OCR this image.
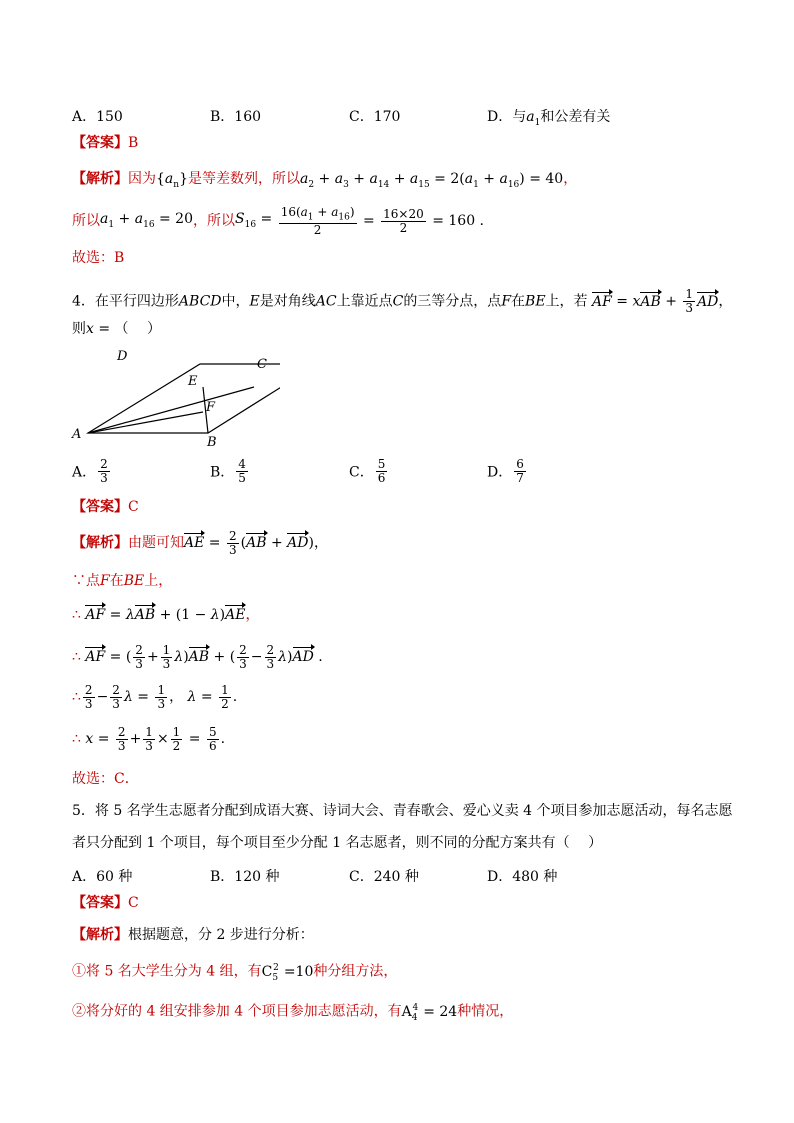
A．150	B．160	C．170	D．与$a_1$和公差有关
【答案】B
【解析】因为$\{a_n\}$是等差数列，所以$a_2 + a_3 + a_{14} + a_{15} = 2(a_1 + a_{16}) = 40$，
所以$a_1 + a_{16} = 20$，所以$S_{16} = \frac{16(a_1 + a_{16})}{2} = \frac{16\times 20}{2} = 160$ .
故选：B
4．在平行四边形ABCD中，E是对角线AC上靠近点C的三等分点，点F在BE上，若 AF = xAB + $\frac{1}{3}$ AD，
则x = （　 ）
D
C
E
F
A
B
A． $\frac{2}{3}$	B． $\frac{4}{5}$	C． $\frac{5}{6}$	D． $\frac{6}{7}$
【答案】C
【解析】由题可知AE = $\frac{2}{3} (AB + AD)$，
∵点F在BE上，
∴ AF = λAB + (1 − λ)AE，
∴ AF = ( $\frac{2}{3} + \frac{1}{3} \lambda)AB$ + ( $\frac{2}{3} - \frac{2}{3} \lambda)AD$ .
∴ $\frac{2}{3} - \frac{2}{3}$ $\lambda = \frac{1}{3}$ ， $\lambda = \frac{1}{2}$ .
∴ $x = \frac{2}{3} + \frac{1}{3} \times \frac{1}{2} = \frac{5}{6}$ .
故选：C．
5．将 5 名学生志愿者分配到成语大赛、诗词大会、青春歌会、爱心义卖 4 个项目参加志愿活动，每名志愿
者只分配到 1 个项目，每个项目至少分配 1 名志愿者，则不同的分配方案共有（　 ）
A．60 种	B．120 种	C．240 种	D．480 种
【答案】C
【解析】根据题意，分 2 步进行分析：
①将 5 名大学生分为 4 组，有$C_5^2 =10$种分组方法，
②将分好的 4 组安排参加 4 个项目参加志愿活动，有$A_4^4 = 24$种情况，
